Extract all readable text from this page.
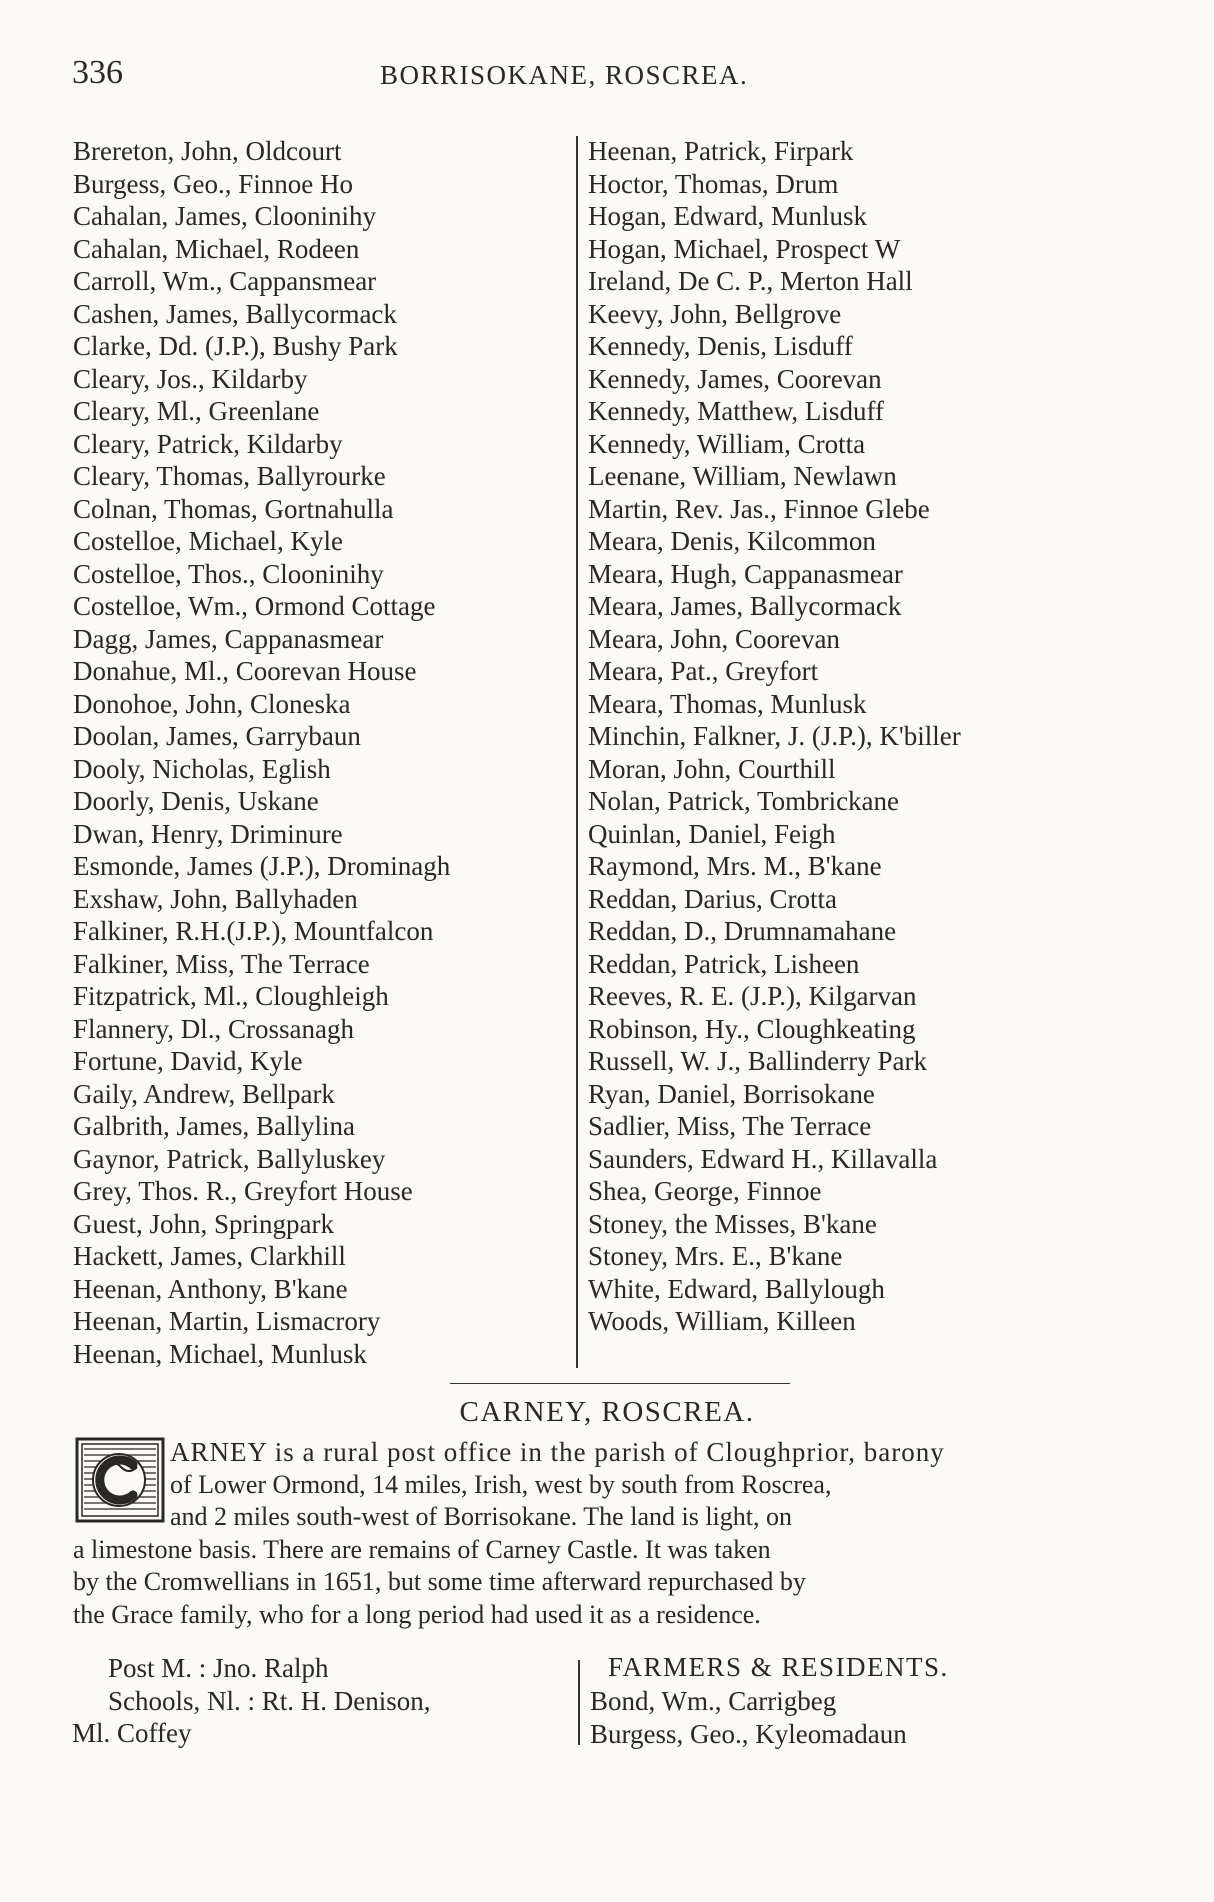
336	BORRISOKANE, ROSCREA.
Brereton, John, Oldcourt
Burgess, Geo., Finnoe Ho
Cahalan, James, Clooninihy
Cahalan, Michael, Rodeen
Carroll, Wm., Cappansmear
Cashen, James, Ballycormack
Clarke, Dd. (J.P.), Bushy Park
Cleary, Jos., Kildarby
Cleary, Ml., Greenlane
Cleary, Patrick, Kildarby
Cleary, Thomas, Ballyrourke
Colnan, Thomas, Gortnahulla
Costelloe, Michael, Kyle
Costelloe, Thos., Clooninihy
Costelloe, Wm., Ormond Cottage
Dagg, James, Cappanasmear
Donahue, Ml., Coorevan House
Donohoe, John, Cloneska
Doolan, James, Garrybaun
Dooly, Nicholas, Eglish
Doorly, Denis, Uskane
Dwan, Henry, Driminure
Esmonde, James (J.P.), Drominagh
Exshaw, John, Ballyhaden
Falkiner, R.H.(J.P.), Mountfalcon
Falkiner, Miss, The Terrace
Fitzpatrick, Ml., Cloughleigh
Flannery, Dl., Crossanagh
Fortune, David, Kyle
Gaily, Andrew, Bellpark
Galbrith, James, Ballylina
Gaynor, Patrick, Ballyluskey
Grey, Thos. R., Greyfort House
Guest, John, Springpark
Hackett, James, Clarkhill
Heenan, Anthony, B'kane
Heenan, Martin, Lismacrory
Heenan, Michael, Munlusk
Heenan, Patrick, Firpark
Hoctor, Thomas, Drum
Hogan, Edward, Munlusk
Hogan, Michael, Prospect W
Ireland, De C. P., Merton Hall
Keevy, John, Bellgrove
Kennedy, Denis, Lisduff
Kennedy, James, Coorevan
Kennedy, Matthew, Lisduff
Kennedy, William, Crotta
Leenane, William, Newlawn
Martin, Rev. Jas., Finnoe Glebe
Meara, Denis, Kilcommon
Meara, Hugh, Cappanasmear
Meara, James, Ballycormack
Meara, John, Coorevan
Meara, Pat., Greyfort
Meara, Thomas, Munlusk
Minchin, Falkner, J. (J.P.), K'biller
Moran, John, Courthill
Nolan, Patrick, Tombrickane
Quinlan, Daniel, Feigh
Raymond, Mrs. M., B'kane
Reddan, Darius, Crotta
Reddan, D., Drumnamahane
Reddan, Patrick, Lisheen
Reeves, R. E. (J.P.), Kilgarvan
Robinson, Hy., Cloughkeating
Russell, W. J., Ballinderry Park
Ryan, Daniel, Borrisokane
Sadlier, Miss, The Terrace
Saunders, Edward H., Killavalla
Shea, George, Finnoe
Stoney, the Misses, B'kane
Stoney, Mrs. E., B'kane
White, Edward, Ballylough
Woods, William, Killeen
CARNEY, ROSCREA.

ARNEY is a rural post office in the parish of Cloughprior, barony
of Lower Ormond, 14 miles, Irish, west by south from Roscrea,
and 2 miles south-west of Borrisokane. The land is light, on
a limestone basis. There are remains of Carney Castle. It was taken
by the Cromwellians in 1651, but some time afterward repurchased by
the Grace family, who for a long period had used it as a residence.

Post M. : Jno. Ralph
Schools, Nl. : Rt. H. Denison,
Ml. Coffey
FARMERS & RESIDENTS.
Bond, Wm., Carrigbeg
Burgess, Geo., Kyleomadaun
